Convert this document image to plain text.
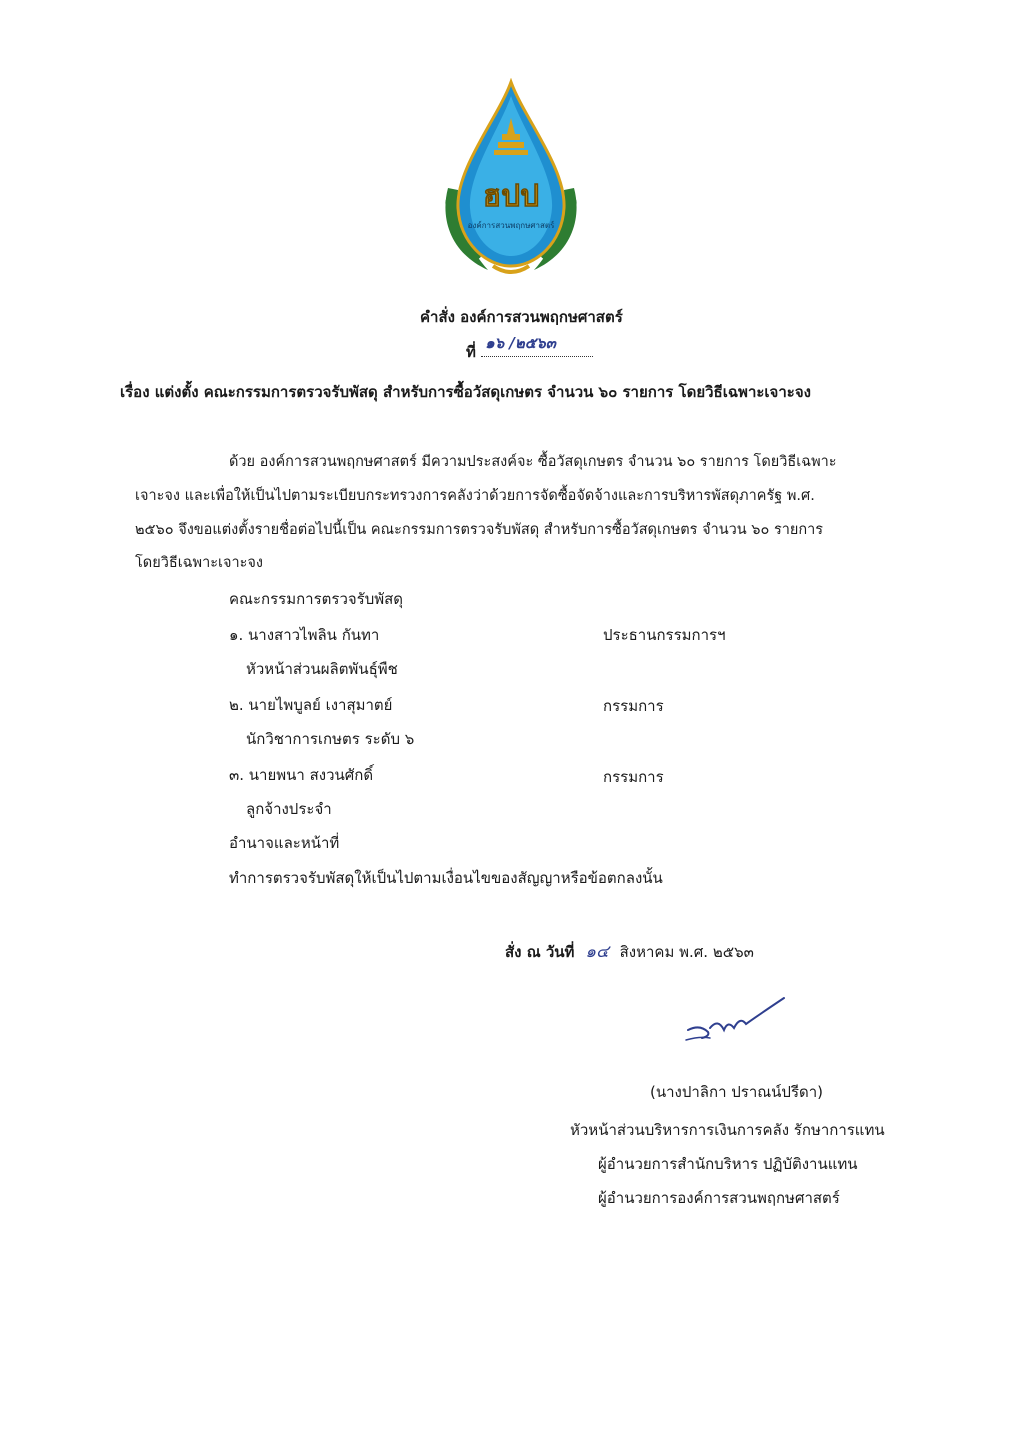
ฮปป
องค์การสวนพฤกษศาสตร์
คำสั่ง องค์การสวนพฤกษศาสตร์
ที่ ๑๖ /๒๕๖๓
เรื่อง แต่งตั้ง คณะกรรมการตรวจรับพัสดุ สำหรับการซื้อวัสดุเกษตร จำนวน ๖๐ รายการ โดยวิธีเฉพาะเจาะจง
ด้วย องค์การสวนพฤกษศาสตร์ มีความประสงค์จะ ซื้อวัสดุเกษตร จำนวน ๖๐ รายการ โดยวิธีเฉพาะ
เจาะจง และเพื่อให้เป็นไปตามระเบียบกระทรวงการคลังว่าด้วยการจัดซื้อจัดจ้างและการบริหารพัสดุภาครัฐ พ.ศ.
๒๕๖๐ จึงขอแต่งตั้งรายชื่อต่อไปนี้เป็น คณะกรรมการตรวจรับพัสดุ สำหรับการซื้อวัสดุเกษตร จำนวน ๖๐ รายการ
โดยวิธีเฉพาะเจาะจง
คณะกรรมการตรวจรับพัสดุ
๑. นางสาวไพลิน กันทา	ประธานกรรมการฯ
หัวหน้าส่วนผลิตพันธุ์พืช
๒. นายไพบูลย์ เงาสุมาตย์	กรรมการ
นักวิชาการเกษตร ระดับ ๖
๓. นายพนา สงวนศักดิ์	กรรมการ
ลูกจ้างประจำ
อำนาจและหน้าที่
ทำการตรวจรับพัสดุให้เป็นไปตามเงื่อนไขของสัญญาหรือข้อตกลงนั้น
สั่ง ณ วันที่ ๑๔ สิงหาคม พ.ศ. ๒๕๖๓
(นางปาลิกา ปราณน์ปรีดา)
หัวหน้าส่วนบริหารการเงินการคลัง รักษาการแทน
ผู้อำนวยการสำนักบริหาร ปฏิบัติงานแทน
ผู้อำนวยการองค์การสวนพฤกษศาสตร์
